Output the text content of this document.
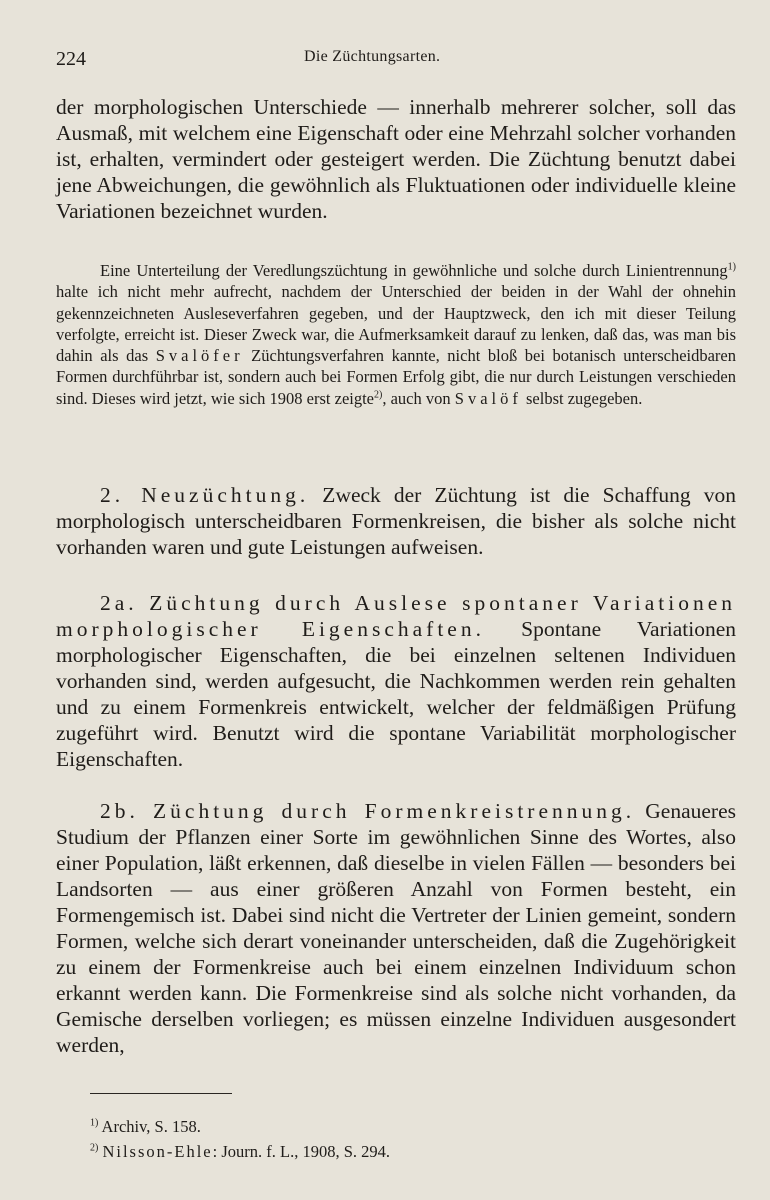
224	Die Züchtungsarten.

der morphologischen Unterschiede — innerhalb mehrerer solcher, soll das Ausmaß, mit welchem eine Eigenschaft oder eine Mehrzahl solcher vorhanden ist, erhalten, vermindert oder gesteigert werden. Die Züchtung benutzt dabei jene Abweichungen, die gewöhnlich als Fluktuationen oder individuelle kleine Variationen bezeichnet wurden.

Eine Unterteilung der Veredlungszüchtung in gewöhnliche und solche durch Linientrennung$^{1)}$ halte ich nicht mehr aufrecht, nachdem der Unterschied der beiden in der Wahl der ohnehin gekennzeichneten Ausleseverfahren gegeben, und der Hauptzweck, den ich mit dieser Teilung verfolgte, erreicht ist. Dieser Zweck war, die Aufmerksamkeit darauf zu lenken, daß das, was man bis dahin als das Svalöfer Züchtungsverfahren kannte, nicht bloß bei botanisch unterscheidbaren Formen durchführbar ist, sondern auch bei Formen Erfolg gibt, die nur durch Leistungen verschieden sind. Dieses wird jetzt, wie sich 1908 erst zeigte$^{2)}$, auch von Svalöf selbst zugegeben.

2. Neuzüchtung. Zweck der Züchtung ist die Schaffung von morphologisch unterscheidbaren Formenkreisen, die bisher als solche nicht vorhanden waren und gute Leistungen aufweisen.

2a. Züchtung durch Auslese spontaner Variationen morphologischer Eigenschaften. Spontane Variationen morphologischer Eigenschaften, die bei einzelnen seltenen Individuen vorhanden sind, werden aufgesucht, die Nachkommen werden rein gehalten und zu einem Formenkreis entwickelt, welcher der feldmäßigen Prüfung zugeführt wird. Benutzt wird die spontane Variabilität morphologischer Eigenschaften.

2b. Züchtung durch Formenkreistrennung. Genaueres Studium der Pflanzen einer Sorte im gewöhnlichen Sinne des Wortes, also einer Population, läßt erkennen, daß dieselbe in vielen Fällen — besonders bei Landsorten — aus einer größeren Anzahl von Formen besteht, ein Formengemisch ist. Dabei sind nicht die Vertreter der Linien gemeint, sondern Formen, welche sich derart voneinander unterscheiden, daß die Zugehörigkeit zu einem der Formenkreise auch bei einem einzelnen Individuum schon erkannt werden kann. Die Formenkreise sind als solche nicht vorhanden, da Gemische derselben vorliegen; es müssen einzelne Individuen ausgesondert werden,

$^{1)}$ Archiv, S. 158.
$^{2)}$ Nilsson-Ehle: Journ. f. L., 1908, S. 294.
